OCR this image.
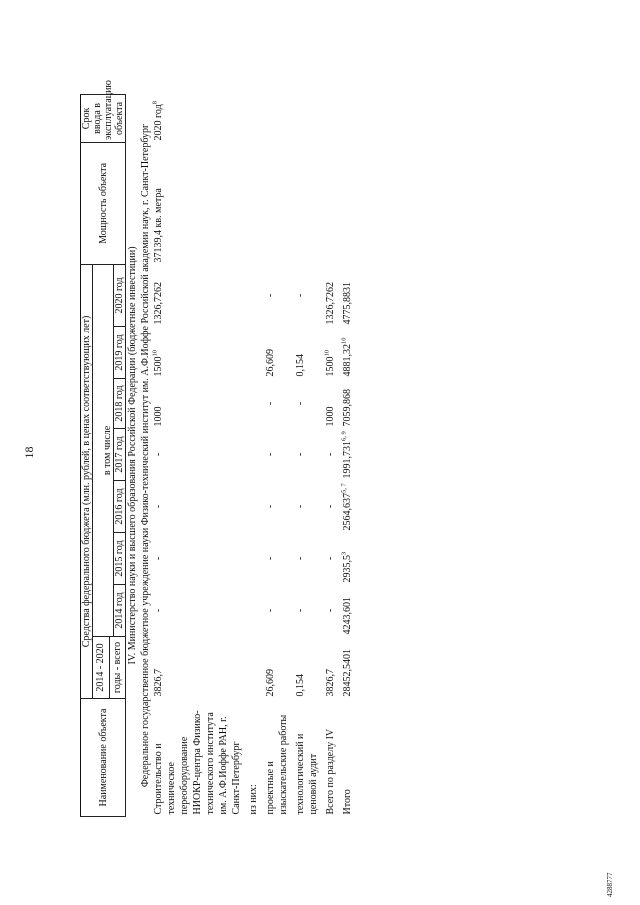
18
Наименование объекта	Средства федерального бюджета (млн. рублей, в ценах соответствующих лет)								Мощность объекта	Срок ввода в эксплуатацию объекта
	2014 - 2020	в том числе								
	годы - всего									
		2014 год	2015 год	2016 год	2017 год	2018 год	2019 год	2020 год		
IV. Министерство науки и высшего образования Российской Федерации (бюджетные инвестиции)										
Федеральное государственное бюджетное учреждение науки Физико-технический институт им. А.Ф.Иоффе Российской академии наук, г. Санкт-Петербург										
Строительство и техническое переоборудование НИОКР-центра Физико-технического института им. А.Ф.Иоффе РАН, г. Санкт-Петербург	3826,7	-	-	-	-	1000	1500$^{10}$	1326,7262	37139,4 кв. метра	2020 год$^8$

из них:										

проектные и изыскательские работы	26,609	-	-	-	-	-	26,609	-		

технологический и ценовой аудит	0,154	-	-	-	-	-	0,154	-		

Всего по разделу IV	3826,7	-	-	-	-	1000	1500$^{10}$	1326,7262		

Итого	28452,5401	4243,601	2935,5$^3$	2564,637$^{5, 7}$	1991,731$^{6, 9}$	7059,868	4881,32$^{10}$	4775,8831		
4288777
